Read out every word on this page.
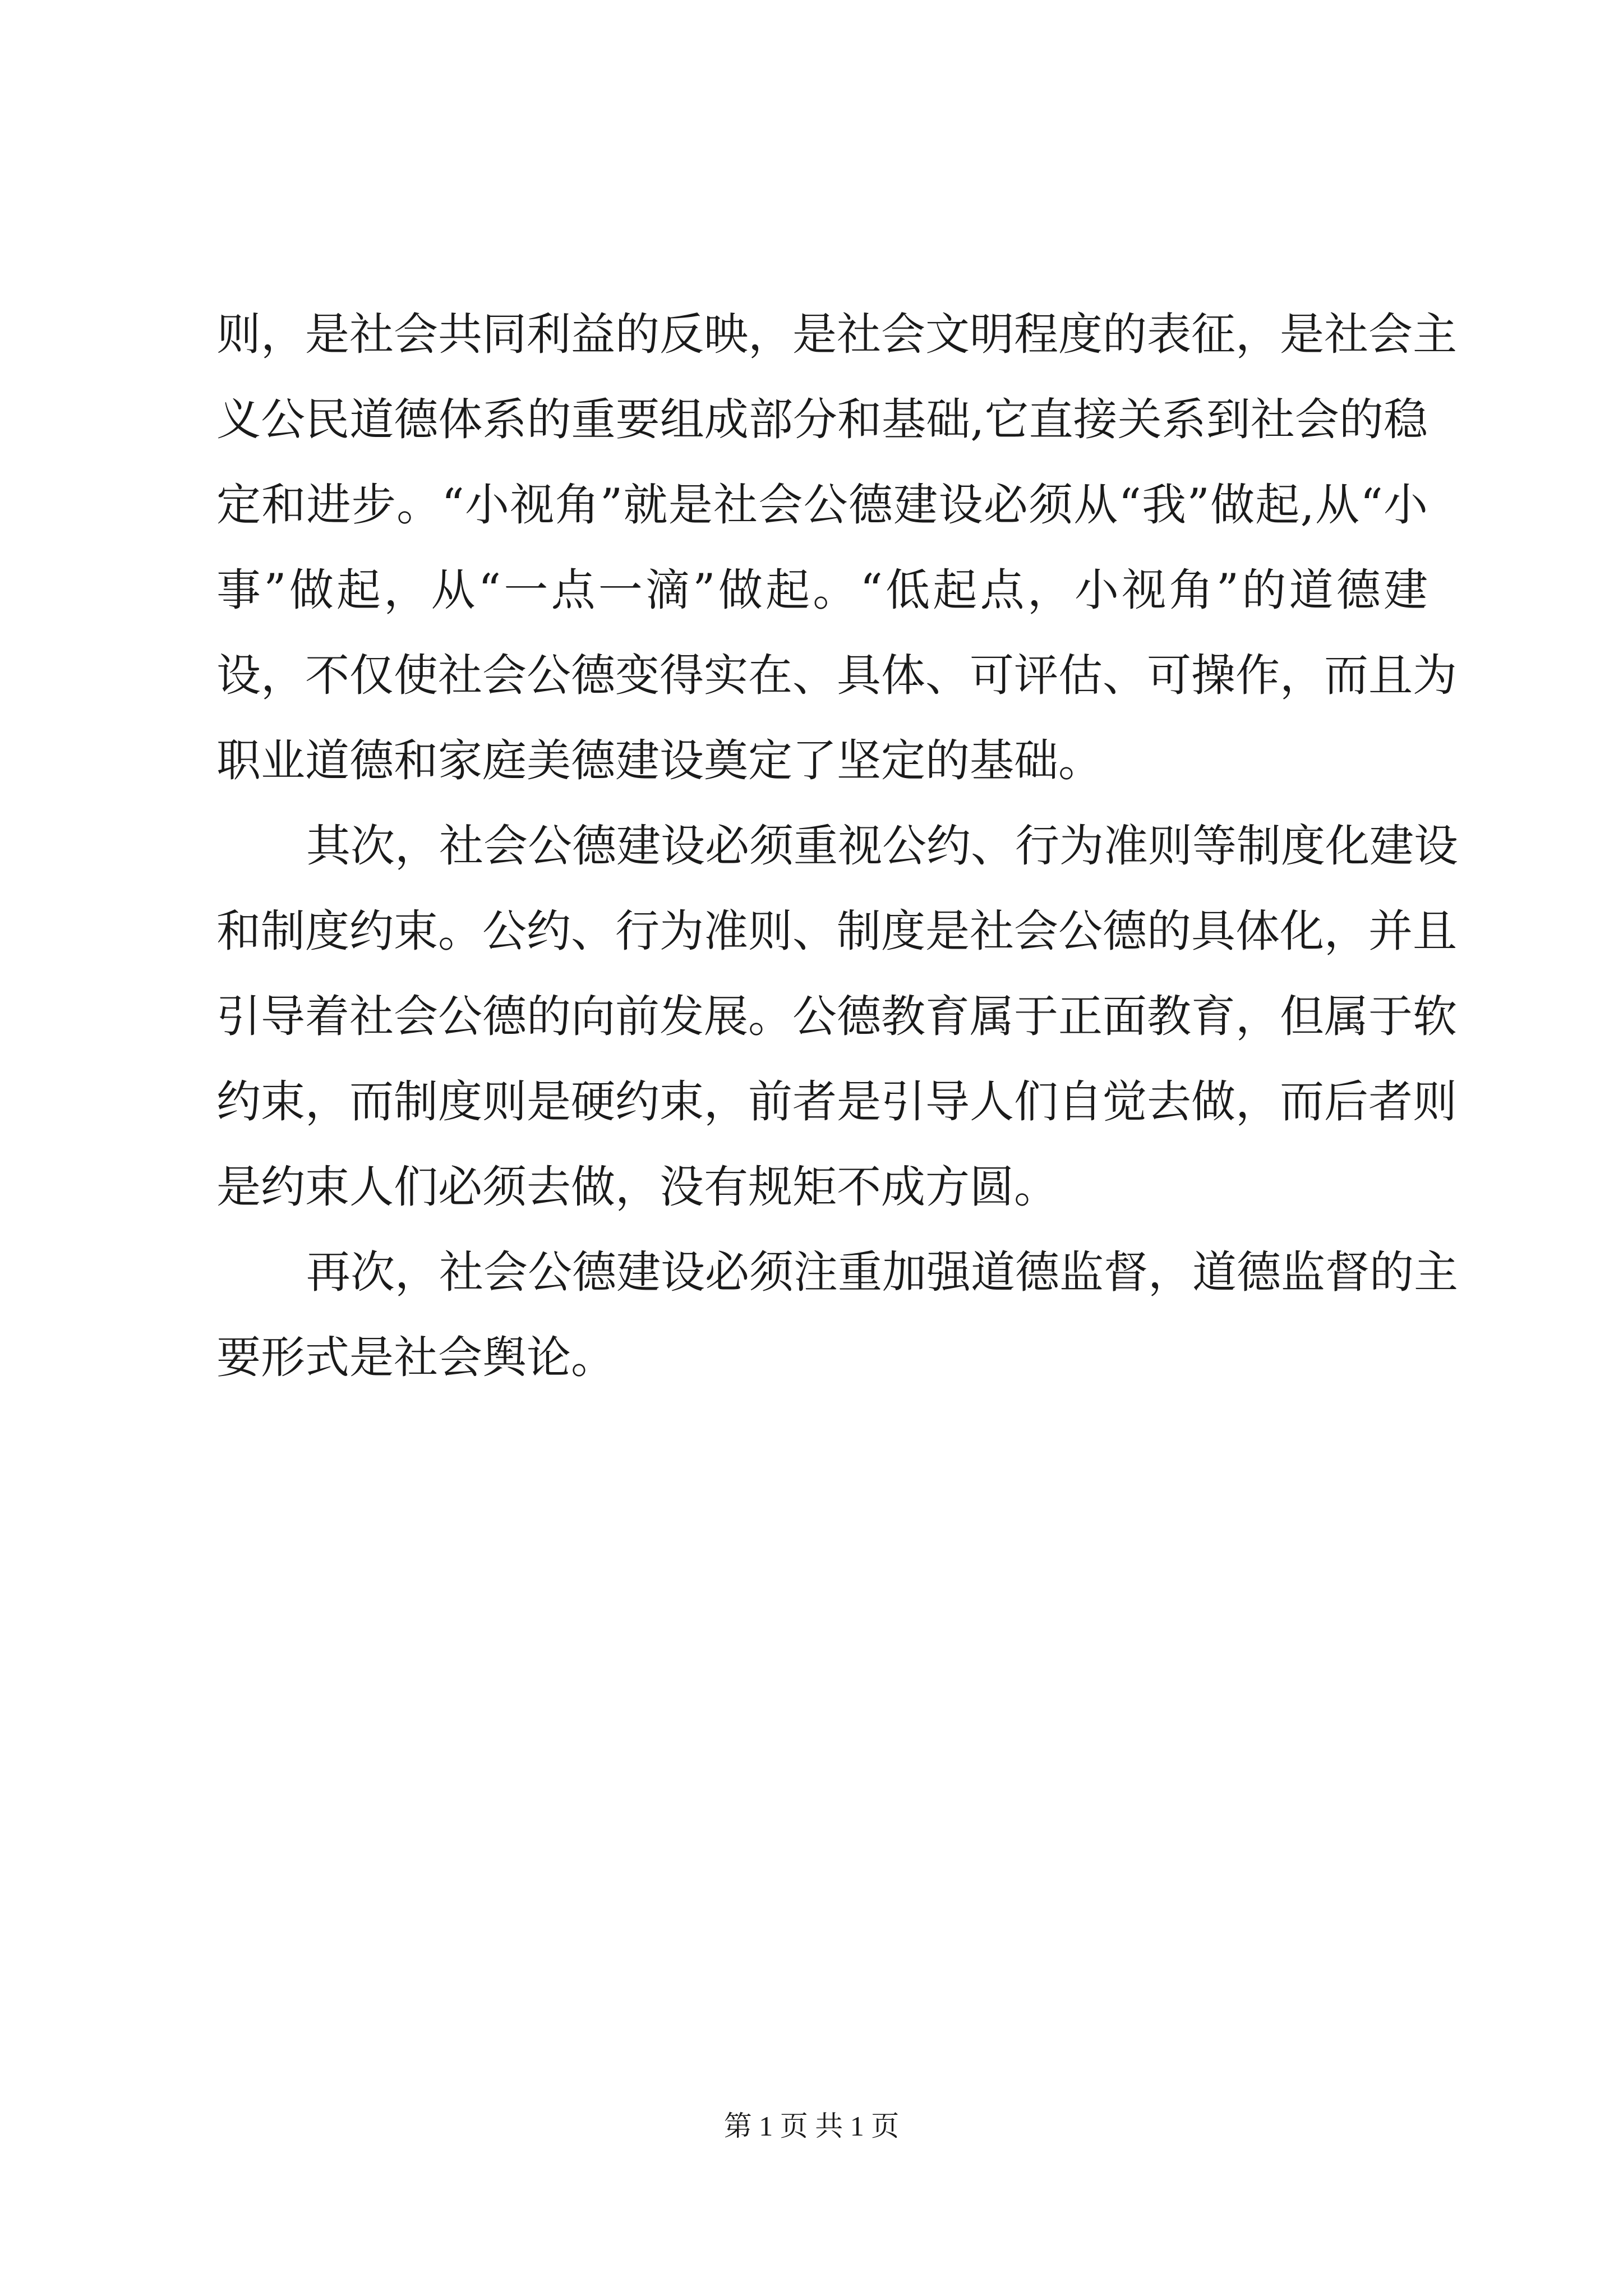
则，是社会共同利益的反映，是社会文明程度的表征，是社会主
义公民道德体系的重要组成部分和基础,它直接关系到社会的稳
定和进步。“小视角”就是社会公德建设必须从“我”做起,从“小
事”做起，从“一点一滴”做起。“低起点，小视角”的道德建
设，不仅使社会公德变得实在、具体、可评估、可操作，而且为
职业道德和家庭美德建设奠定了坚定的基础。
其次，社会公德建设必须重视公约、行为准则等制度化建设
和制度约束。公约、行为准则、制度是社会公德的具体化，并且
引导着社会公德的向前发展。公德教育属于正面教育，但属于软
约束，而制度则是硬约束，前者是引导人们自觉去做，而后者则
是约束人们必须去做，没有规矩不成方圆。
再次，社会公德建设必须注重加强道德监督，道德监督的主
要形式是社会舆论。
第 1 页 共 1 页
